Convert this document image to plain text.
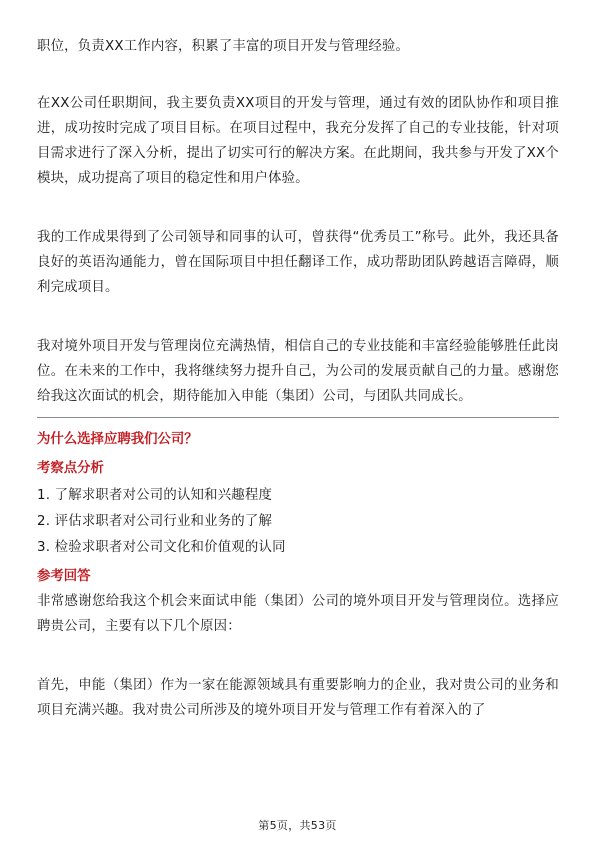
职位，负责XX工作内容，积累了丰富的项目开发与管理经验。

在XX公司任职期间，我主要负责XX项目的开发与管理，通过有效的团队协作和项目推进，成功按时完成了项目目标。在项目过程中，我充分发挥了自己的专业技能，针对项目需求进行了深入分析，提出了切实可行的解决方案。在此期间，我共参与开发了XX个模块，成功提高了项目的稳定性和用户体验。

我的工作成果得到了公司领导和同事的认可，曾获得“优秀员工”称号。此外，我还具备良好的英语沟通能力，曾在国际项目中担任翻译工作，成功帮助团队跨越语言障碍，顺利完成项目。

我对境外项目开发与管理岗位充满热情，相信自己的专业技能和丰富经验能够胜任此岗位。在未来的工作中，我将继续努力提升自己，为公司的发展贡献自己的力量。感谢您给我这次面试的机会，期待能加入申能（集团）公司，与团队共同成长。

为什么选择应聘我们公司？
考察点分析
1. 了解求职者对公司的认知和兴趣程度
2. 评估求职者对公司行业和业务的了解
3. 检验求职者对公司文化和价值观的认同
参考回答

非常感谢您给我这个机会来面试申能（集团）公司的境外项目开发与管理岗位。选择应聘贵公司，主要有以下几个原因：

首先，申能（集团）作为一家在能源领域具有重要影响力的企业，我对贵公司的业务和项目充满兴趣。我对贵公司所涉及的境外项目开发与管理工作有着深入的了

第5页，共53页
